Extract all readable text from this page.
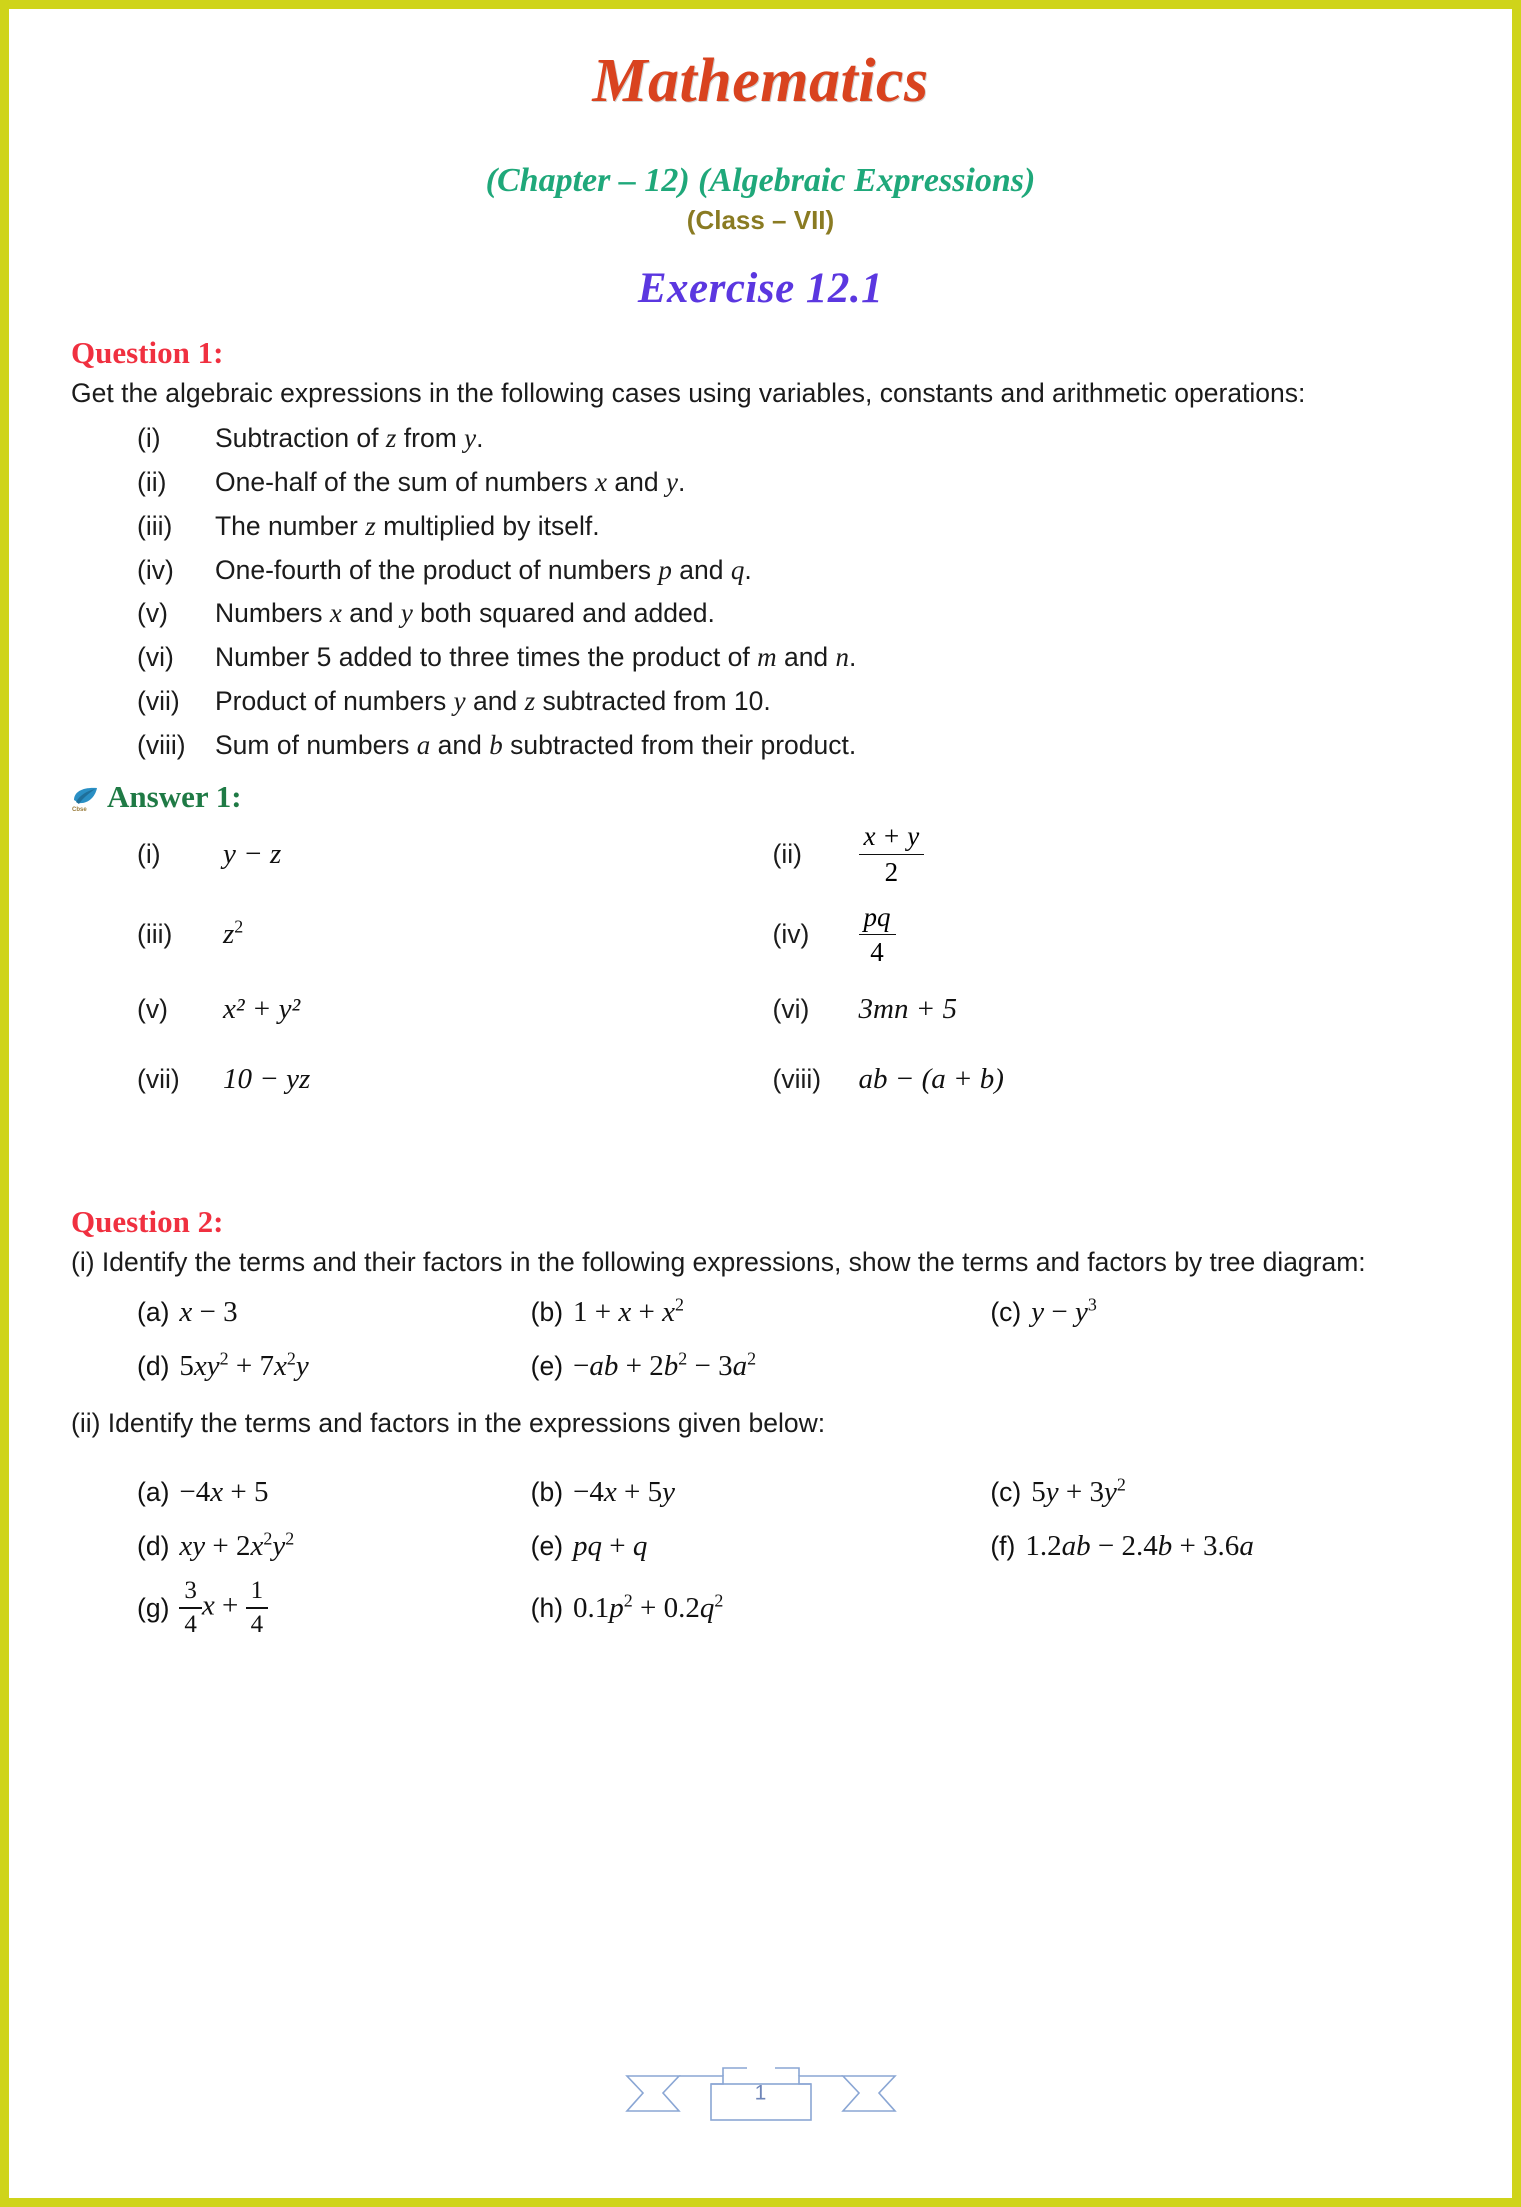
Mathematics
(Chapter – 12) (Algebraic Expressions)
(Class – VII)
Exercise 12.1
Question 1:

Get the algebraic expressions in the following cases using variables, constants and arithmetic operations:

(i)	Subtraction of z from y.
(ii)	One-half of the sum of numbers x and y.
(iii)	The number z multiplied by itself.
(iv)	One-fourth of the product of numbers p and q.
(v)	Numbers x and y both squared and added.
(vi)	Number 5 added to three times the product of m and n.
(vii)	Product of numbers y and z subtracted from 10.
(viii)	Sum of numbers a and b subtracted from their product.
Cbse Answer 1:
(i)	y − z	(ii)	$\frac{x + y}{2}$
(iii)	$z^2$	(iv)	$\frac{pq}{4}$
(v)	x² + y²	(vi)	3mn + 5
(vii)	10 − yz	(viii)	ab − (a + b)
Question 2:

(i) Identify the terms and their factors in the following expressions, show the terms and factors by tree diagram:

(a) x − 3	(b) $1 + x + x^2$	(c) $y - y^3$
(d) $5xy^2 + 7x^2y$	$(e) -ab + 2b^2 - 3a^2$

(ii) Identify the terms and factors in the expressions given below:

(a) −4x + 5	(b) −4x + 5y	(c) $5y + 3y^2$
(d) xy + $2x^2y^2$	(e) pq + q	(f) 1.2ab − 2.4b + 3.6a
$(g) \frac{3}{4}$ $x + \frac{1}{4}$	(h) $0.1p^2 + 0.2q^2$
1
